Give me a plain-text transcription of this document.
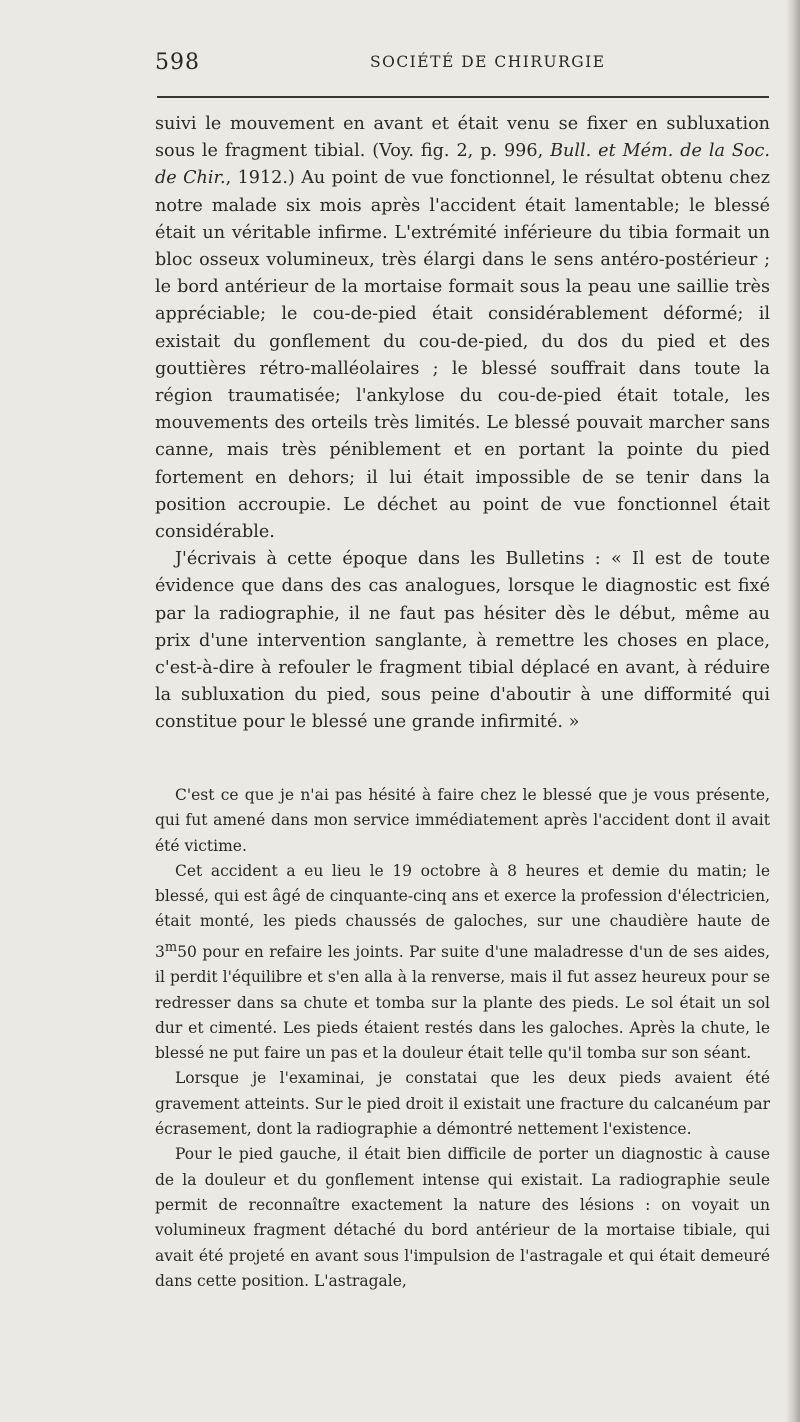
598	SOCIÉTÉ DE CHIRURGIE

suivi le mouvement en avant et était venu se fixer en subluxation sous le fragment tibial. (Voy. fig. 2, p. 996, Bull. et Mém. de la Soc. de Chir., 1912.) Au point de vue fonctionnel, le résultat obtenu chez notre malade six mois après l'accident était lamentable; le blessé était un véritable infirme. L'extrémité inférieure du tibia formait un bloc osseux volumineux, très élargi dans le sens antéro-postérieur ; le bord antérieur de la mortaise formait sous la peau une saillie très appréciable; le cou-de-pied était considérablement déformé; il existait du gonflement du cou-de-pied, du dos du pied et des gouttières rétro-malléolaires ; le blessé souffrait dans toute la région traumatisée; l'ankylose du cou-de-pied était totale, les mouvements des orteils très limités. Le blessé pouvait marcher sans canne, mais très péniblement et en portant la pointe du pied fortement en dehors; il lui était impossible de se tenir dans la position accroupie. Le déchet au point de vue fonctionnel était considérable.

J'écrivais à cette époque dans les Bulletins : « Il est de toute évidence que dans des cas analogues, lorsque le diagnostic est fixé par la radiographie, il ne faut pas hésiter dès le début, même au prix d'une intervention sanglante, à remettre les choses en place, c'est-à-dire à refouler le fragment tibial déplacé en avant, à réduire la subluxation du pied, sous peine d'aboutir à une difformité qui constitue pour le blessé une grande infirmité. »

C'est ce que je n'ai pas hésité à faire chez le blessé que je vous présente, qui fut amené dans mon service immédiatement après l'accident dont il avait été victime.

Cet accident a eu lieu le 19 octobre à 8 heures et demie du matin; le blessé, qui est âgé de cinquante-cinq ans et exerce la profession d'électricien, était monté, les pieds chaussés de galoches, sur une chaudière haute de 3$^m$50 pour en refaire les joints. Par suite d'une maladresse d'un de ses aides, il perdit l'équilibre et s'en alla à la renverse, mais il fut assez heureux pour se redresser dans sa chute et tomba sur la plante des pieds. Le sol était un sol dur et cimenté. Les pieds étaient restés dans les galoches. Après la chute, le blessé ne put faire un pas et la douleur était telle qu'il tomba sur son séant.

Lorsque je l'examinai, je constatai que les deux pieds avaient été gravement atteints. Sur le pied droit il existait une fracture du calcanéum par écrasement, dont la radiographie a démontré nettement l'existence.

Pour le pied gauche, il était bien difficile de porter un diagnostic à cause de la douleur et du gonflement intense qui existait. La radiographie seule permit de reconnaître exactement la nature des lésions : on voyait un volumineux fragment détaché du bord antérieur de la mortaise tibiale, qui avait été projeté en avant sous l'impulsion de l'astragale et qui était demeuré dans cette position. L'astragale,
